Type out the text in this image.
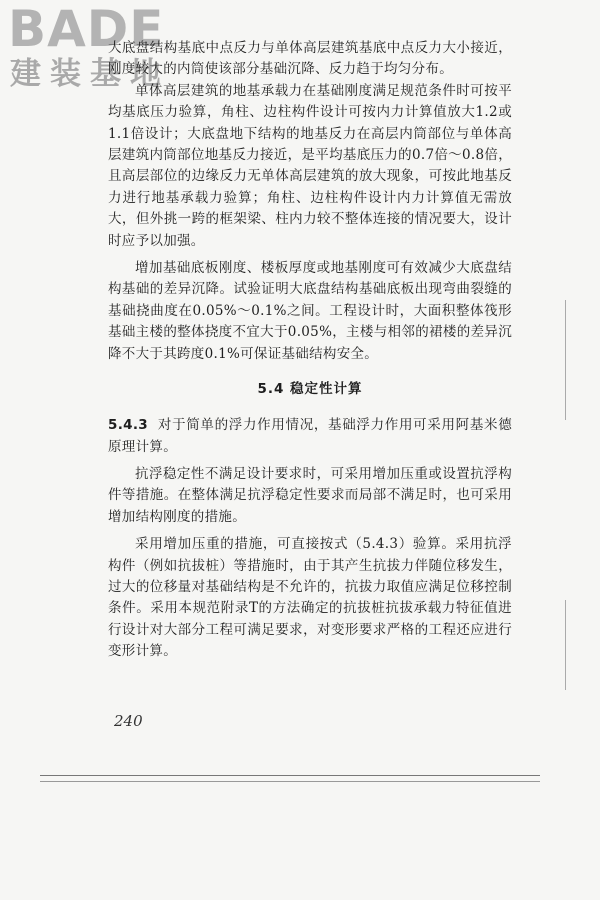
BADE
建装基地

大底盘结构基底中点反力与单体高层建筑基底中点反力大小接近，刚度较大的内筒使该部分基础沉降、反力趋于均匀分布。

单体高层建筑的地基承载力在基础刚度满足规范条件时可按平均基底压力验算，角柱、边柱构件设计可按内力计算值放大1.2或1.1倍设计；大底盘地下结构的地基反力在高层内筒部位与单体高层建筑内筒部位地基反力接近，是平均基底压力的0.7倍～0.8倍，且高层部位的边缘反力无单体高层建筑的放大现象，可按此地基反力进行地基承载力验算；角柱、边柱构件设计内力计算值无需放大，但外挑一跨的框架梁、柱内力较不整体连接的情况要大，设计时应予以加强。

增加基础底板刚度、楼板厚度或地基刚度可有效减少大底盘结构基础的差异沉降。试验证明大底盘结构基础底板出现弯曲裂缝的基础挠曲度在0.05%～0.1%之间。工程设计时，大面积整体筏形基础主楼的整体挠度不宜大于0.05%，主楼与相邻的裙楼的差异沉降不大于其跨度0.1%可保证基础结构安全。

5.4 稳定性计算

5.4.3 对于简单的浮力作用情况，基础浮力作用可采用阿基米德原理计算。

抗浮稳定性不满足设计要求时，可采用增加压重或设置抗浮构件等措施。在整体满足抗浮稳定性要求而局部不满足时，也可采用增加结构刚度的措施。

采用增加压重的措施，可直接按式（5.4.3）验算。采用抗浮构件（例如抗拔桩）等措施时，由于其产生抗拔力伴随位移发生，过大的位移量对基础结构是不允许的，抗拔力取值应满足位移控制条件。采用本规范附录T的方法确定的抗拔桩抗拔承载力特征值进行设计对大部分工程可满足要求，对变形要求严格的工程还应进行变形计算。

240
